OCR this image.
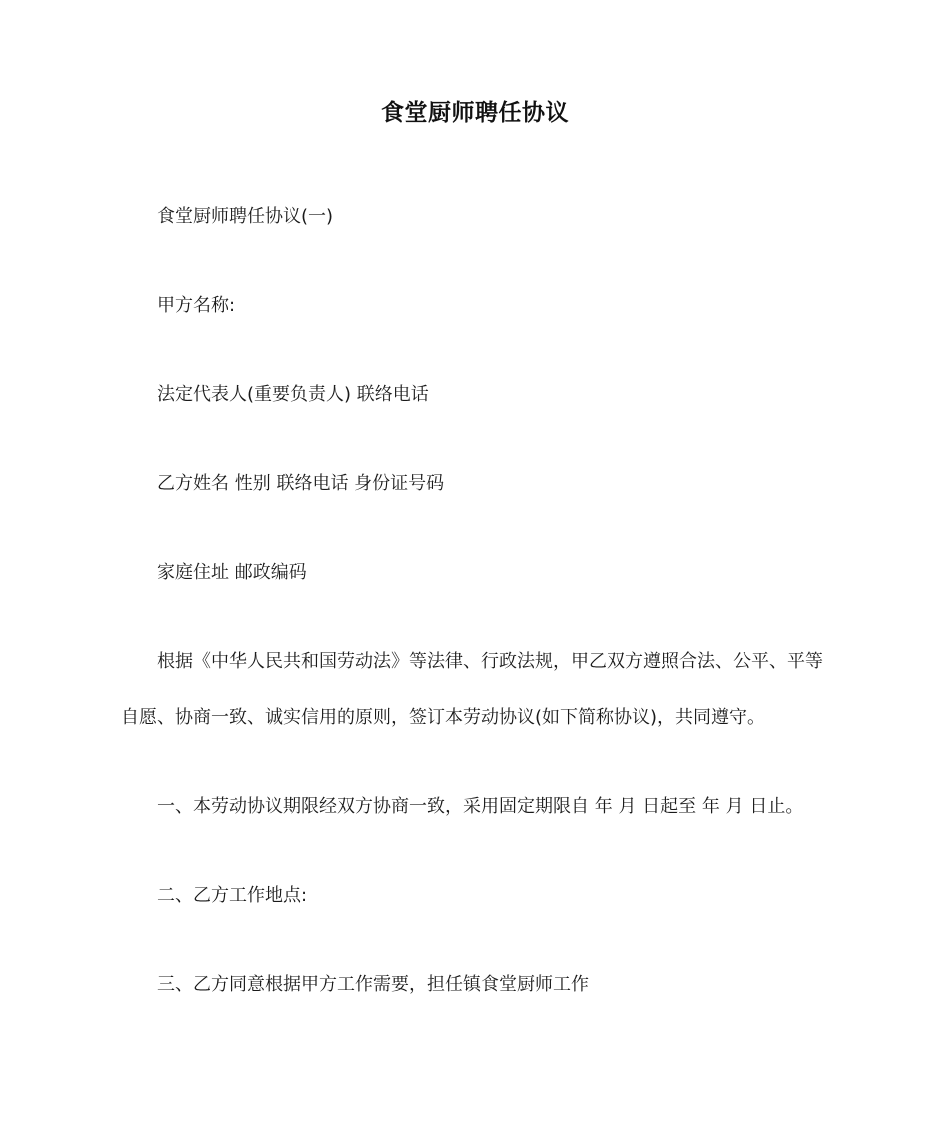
食堂厨师聘任协议
食堂厨师聘任协议(一)
甲方名称:
法定代表人(重要负责人) 联络电话
乙方姓名 性别 联络电话 身份证号码
家庭住址 邮政编码
根据《中华人民共和国劳动法》等法律、行政法规，甲乙双方遵照合法、公平、平等
自愿、协商一致、诚实信用的原则，签订本劳动协议(如下简称协议)，共同遵守。
一、本劳动协议期限经双方协商一致，采用固定期限自 年 月 日起至 年 月 日止。
二、乙方工作地点:
三、乙方同意根据甲方工作需要，担任镇食堂厨师工作
